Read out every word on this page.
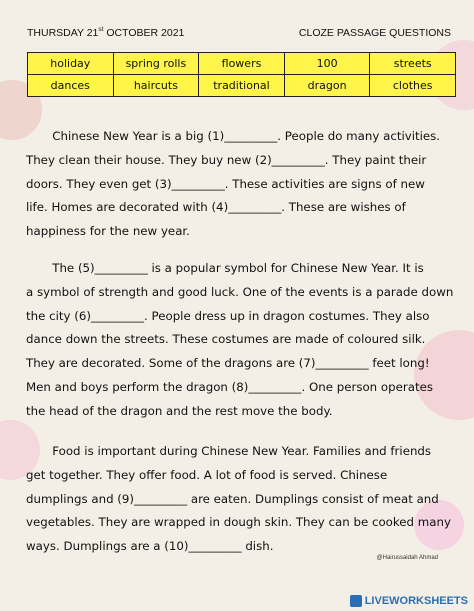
THURSDAY 21st OCTOBER 2021	CLOZE PASSAGE QUESTIONS
holiday	spring rolls	flowers	100	streets
dances	haircuts	traditional	dragon	clothes
Chinese New Year is a big (1)_________. People do many activities.
They clean their house. They buy new (2)_________. They paint their
doors. They even get (3)_________. These activities are signs of new
life. Homes are decorated with (4)_________. These are wishes of
happiness for the new year.
The (5)_________ is a popular symbol for Chinese New Year. It is
a symbol of strength and good luck. One of the events is a parade down
the city (6)_________. People dress up in dragon costumes. They also
dance down the streets. These costumes are made of coloured silk.
They are decorated. Some of the dragons are (7)_________ feet long!
Men and boys perform the dragon (8)_________. One person operates
the head of the dragon and the rest move the body.
Food is important during Chinese New Year. Families and friends
get together. They offer food. A lot of food is served. Chinese
dumplings and (9)_________ are eaten. Dumplings consist of meat and
vegetables. They are wrapped in dough skin. They can be cooked many
ways. Dumplings are a (10)_________ dish.
@Hairussaidah Ahmad
LIVEWORKSHEETS
